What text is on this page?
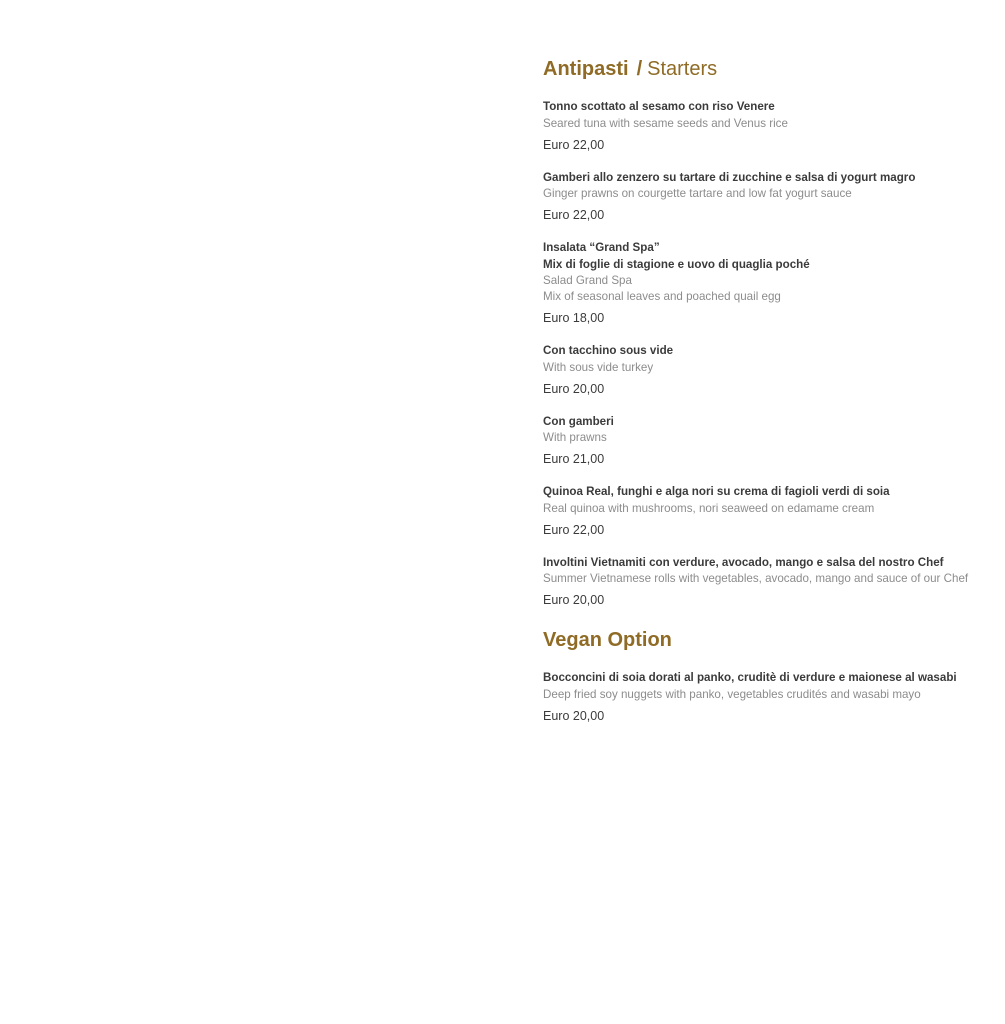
Antipasti / Starters
Tonno scottato al sesamo con riso Venere
Seared tuna with sesame seeds and Venus rice
Euro 22,00
Gamberi allo zenzero su tartare di zucchine e salsa di yogurt magro
Ginger prawns on courgette tartare and low fat yogurt sauce
Euro 22,00
Insalata “Grand Spa”
Mix di foglie di stagione e uovo di quaglia poché
Salad Grand Spa
Mix of seasonal leaves and poached quail egg
Euro 18,00
Con tacchino sous vide
With sous vide turkey
Euro 20,00
Con gamberi
With prawns
Euro 21,00
Quinoa Real, funghi e alga nori su crema di fagioli verdi di soia
Real quinoa with mushrooms, nori seaweed on edamame cream
Euro 22,00
Involtini Vietnamiti con verdure, avocado, mango e salsa del nostro Chef
Summer Vietnamese rolls with vegetables, avocado, mango and sauce of our Chef
Euro 20,00
Vegan Option
Bocconcini di soia dorati al panko, cruditè di verdure e maionese al wasabi
Deep fried soy nuggets with panko, vegetables crudités and wasabi mayo
Euro 20,00
